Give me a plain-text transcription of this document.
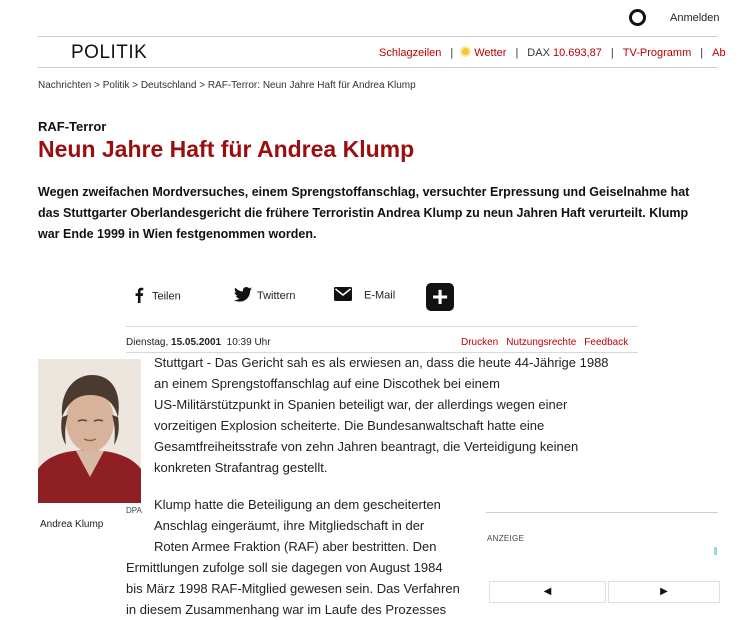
Anmelden
POLITIK	Schlagzeilen | Wetter | DAX 10.693,87 | TV-Programm | Ab
Nachrichten > Politik > Deutschland > RAF-Terror: Neun Jahre Haft für Andrea Klump
RAF-Terror
Neun Jahre Haft für Andrea Klump
Wegen zweifachen Mordversuches, einem Sprengstoffanschlag, versuchter Erpressung und Geiselnahme hat
das Stuttgarter Oberlandesgericht die frühere Terroristin Andrea Klump zu neun Jahren Haft verurteilt. Klump
war Ende 1999 in Wien festgenommen worden.
Teilen	Twittern	E-Mail +
Dienstag, 15.05.2001 10:39 Uhr	Drucken Nutzungsrechte Feedback
DPA
Andrea Klump
Stuttgart - Das Gericht sah es als erwiesen an, dass die heute 44-Jährige 1988
an einem Sprengstoffanschlag auf eine Discothek bei einem
US-Militärstützpunkt in Spanien beteiligt war, der allerdings wegen einer
vorzeitigen Explosion scheiterte. Die Bundesanwaltschaft hatte eine
Gesamtfreiheitsstrafe von zehn Jahren beantragt, die Verteidigung keinen
konkreten Strafantrag gestellt.
Klump hatte die Beteiligung an dem gescheiterten
Anschlag eingeräumt, ihre Mitgliedschaft in der
Roten Armee Fraktion (RAF) aber bestritten. Den
Ermittlungen zufolge soll sie dagegen von August 1984
bis März 1998 RAF-Mitglied gewesen sein. Das Verfahren
in diesem Zusammenhang war im Laufe des Prozesses
ANZEIGE
◀	▶
